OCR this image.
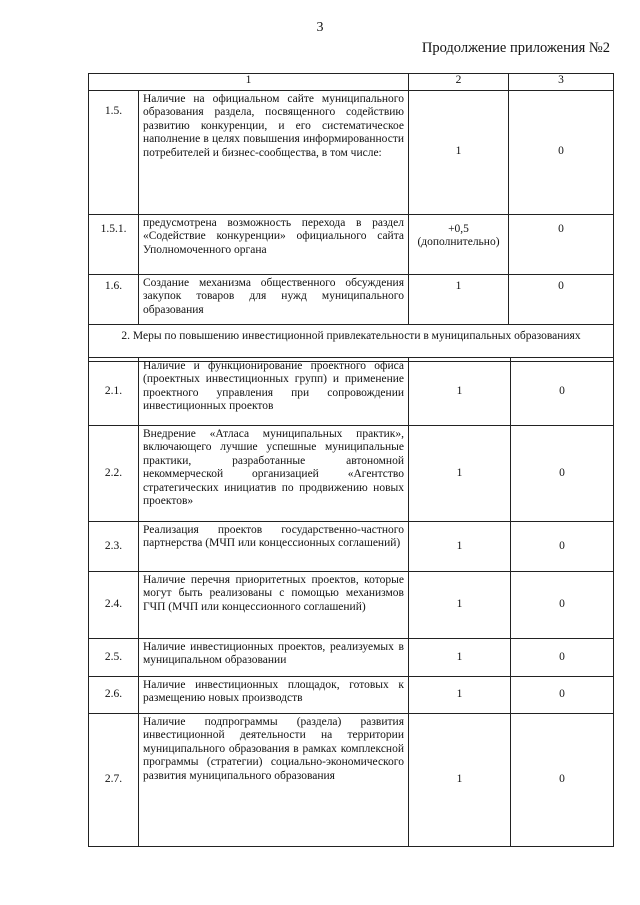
3
Продолжение приложения №2
1		2	3
1.5.	Наличие на официальном сайте муниципального образования раздела, посвященного содействию развитию конкуренции, и его систематическое наполнение в целях повышения информированности потребителей и бизнес-сообщества, в том числе:	1	0
1.5.1.	предусмотрена возможность перехода в раздел «Содействие конкуренции» официального сайта Уполномоченного органа	+0,5 (дополнительно)	0
1.6.	Создание механизма общественного обсуждения закупок товаров для нужд муниципального образования	1	0
2. Меры по повышению инвестиционной привлекательности в муниципальных образованиях			
2.1.	Наличие и функционирование проектного офиса (проектных инвестиционных групп) и применение проектного управления при сопровождении инвестиционных проектов	1	0
2.2.	Внедрение «Атласа муниципальных практик», включающего лучшие успешные муниципальные практики, разработанные автономной некоммерческой организацией «Агентство стратегических инициатив по продвижению новых проектов»	1	0
2.3.	Реализация проектов государственно-частного партнерства (МЧП или концессионных соглашений)	1	0
2.4.	Наличие перечня приоритетных проектов, которые могут быть реализованы с помощью механизмов ГЧП (МЧП или концессионного соглашений)	1	0
2.5.	Наличие инвестиционных проектов, реализуемых в муниципальном образовании	1	0
2.6.	Наличие инвестиционных площадок, готовых к размещению новых производств	1	0
2.7.	Наличие подпрограммы (раздела) развития инвестиционной деятельности на территории муниципального образования в рамках комплексной программы (стратегии) социально-экономического развития муниципального образования	1	0
